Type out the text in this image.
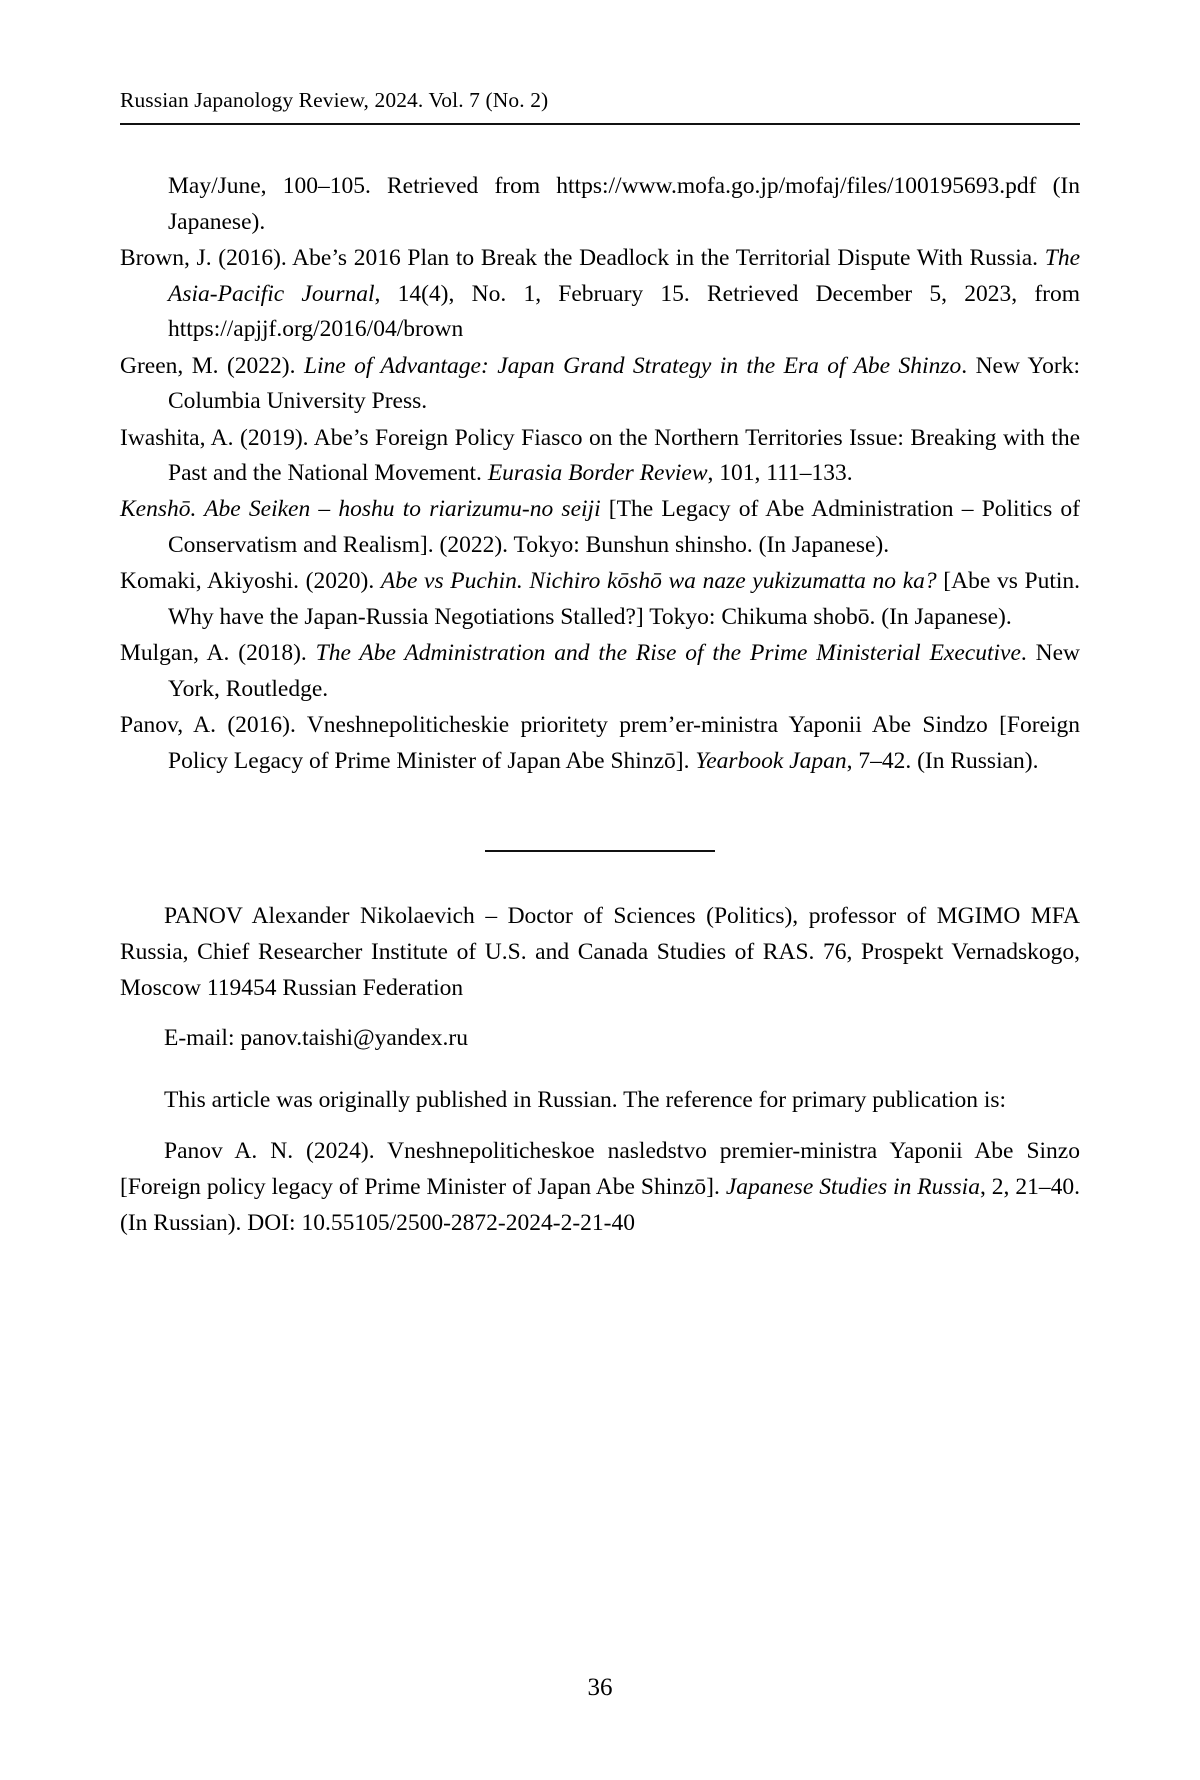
Russian Japanology Review, 2024. Vol. 7 (No. 2)

May/June, 100–105. Retrieved from https://www.mofa.go.jp/mofaj/files/100195693.pdf (In Japanese).

Brown, J. (2016). Abe’s 2016 Plan to Break the Deadlock in the Territorial Dispute With Russia. The Asia-Pacific Journal, 14(4), No. 1, February 15. Retrieved December 5, 2023, from https://apjjf.org/2016/04/brown

Green, M. (2022). Line of Advantage: Japan Grand Strategy in the Era of Abe Shinzo. New York: Columbia University Press.

Iwashita, A. (2019). Abe’s Foreign Policy Fiasco on the Northern Territories Issue: Breaking with the Past and the National Movement. Eurasia Border Review, 101, 111–133.

Kenshō. Abe Seiken – hoshu to riarizumu-no seiji [The Legacy of Abe Administration – Politics of Conservatism and Realism]. (2022). Tokyo: Bunshun shinsho. (In Japanese).

Komaki, Akiyoshi. (2020). Abe vs Puchin. Nichiro kōshō wa naze yukizumatta no ka? [Abe vs Putin. Why have the Japan-Russia Negotiations Stalled?] Tokyo: Chikuma shobō. (In Japanese).

Mulgan, A. (2018). The Abe Administration and the Rise of the Prime Ministerial Executive. New York, Routledge.

Panov, A. (2016). Vneshnepoliticheskie prioritety prem’er-ministra Yaponii Abe Sindzo [Foreign Policy Legacy of Prime Minister of Japan Abe Shinzō]. Yearbook Japan, 7–42. (In Russian).

PANOV Alexander Nikolaevich – Doctor of Sciences (Politics), professor of MGIMO MFA Russia, Chief Researcher Institute of U.S. and Canada Studies of RAS. 76, Prospekt Vernadskogo, Moscow 119454 Russian Federation

E-mail: panov.taishi@yandex.ru

This article was originally published in Russian. The reference for primary publication is:

Panov A. N. (2024). Vneshnepoliticheskoe nasledstvo premier-ministra Yaponii Abe Sinzo [Foreign policy legacy of Prime Minister of Japan Abe Shinzō]. Japanese Studies in Russia, 2, 21–40. (In Russian). DOI: 10.55105/2500-2872-2024-2-21-40

36
